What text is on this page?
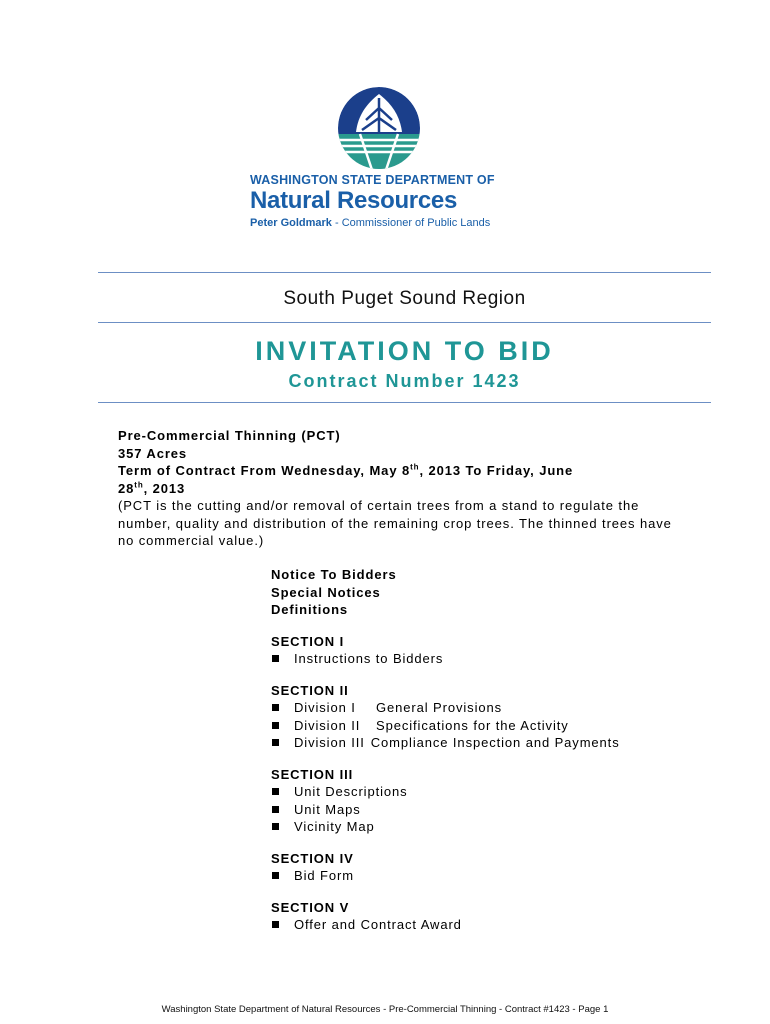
WASHINGTON STATE DEPARTMENT OF
Natural Resources
Peter Goldmark - Commissioner of Public Lands
South Puget Sound Region
INVITATION TO BID
Contract Number 1423
Pre-Commercial Thinning (PCT)
357 Acres
Term of Contract From Wednesday, May 8th, 2013 To Friday, June
28th, 2013
(PCT is the cutting and/or removal of certain trees from a stand to regulate the number, quality and distribution of the remaining crop trees. The thinned trees have no commercial value.)
Notice To Bidders
Special Notices
Definitions
SECTION I
Instructions to Bidders
SECTION II
Division I General Provisions
Division II Specifications for the Activity
Division III Compliance Inspection and Payments
SECTION III
Unit Descriptions
Unit Maps
Vicinity Map
SECTION IV
Bid Form
SECTION V
Offer and Contract Award
Washington State Department of Natural Resources - Pre-Commercial Thinning - Contract #1423 - Page 1
